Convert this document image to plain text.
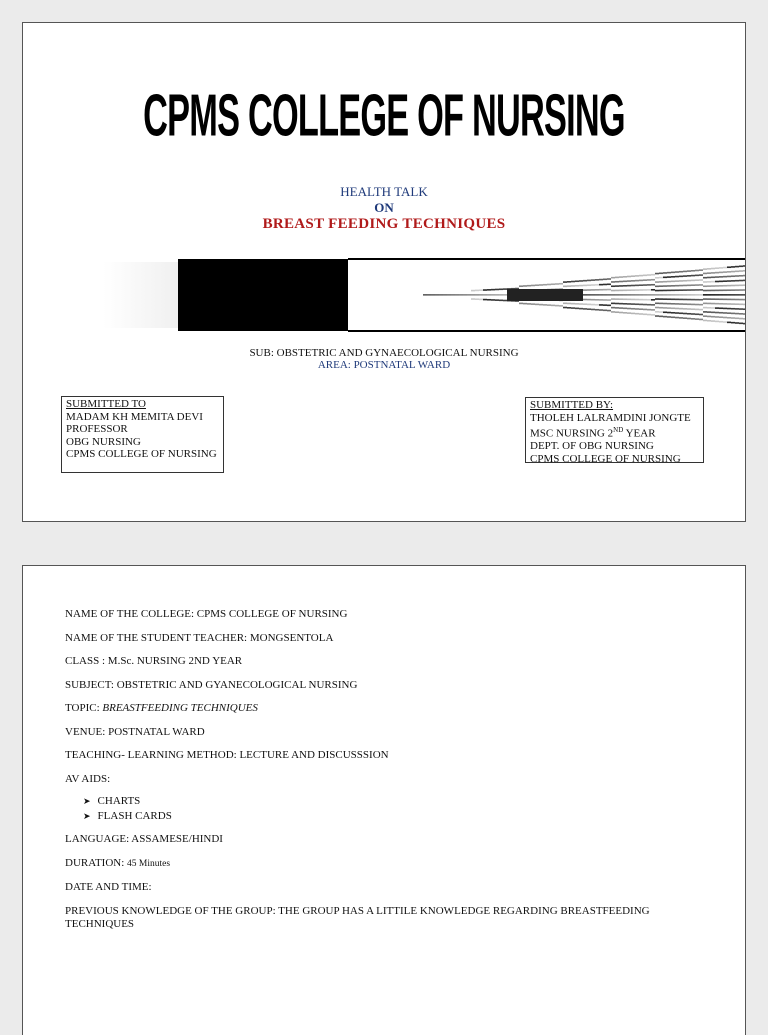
CPMS COLLEGE OF NURSING
HEALTH TALK
ON
BREAST FEEDING TECHNIQUES
SUB: OBSTETRIC AND GYNAECOLOGICAL NURSING
AREA: POSTNATAL WARD
SUBMITTED TO
MADAM KH MEMITA DEVI
PROFESSOR
OBG NURSING
CPMS COLLEGE OF NURSING
SUBMITTED BY:
THOLEH LALRAMDINI JONGTE
MSC NURSING 2ND YEAR
DEPT. OF OBG NURSING
CPMS COLLEGE OF NURSING
NAME OF THE COLLEGE: CPMS COLLEGE OF NURSING
NAME OF THE STUDENT TEACHER: MONGSENTOLA
CLASS : M.Sc. NURSING 2ND YEAR
SUBJECT: OBSTETRIC AND GYANECOLOGICAL NURSING
TOPIC: BREASTFEEDING TECHNIQUES
VENUE: POSTNATAL WARD
TEACHING- LEARNING METHOD: LECTURE AND DISCUSSSION
AV AIDS:
➤ CHARTS
➤ FLASH CARDS
LANGUAGE: ASSAMESE/HINDI
DURATION: 45 Minutes
DATE AND TIME:
PREVIOUS KNOWLEDGE OF THE GROUP: THE GROUP HAS A LITTILE KNOWLEDGE REGARDING BREASTFEEDING TECHNIQUES
